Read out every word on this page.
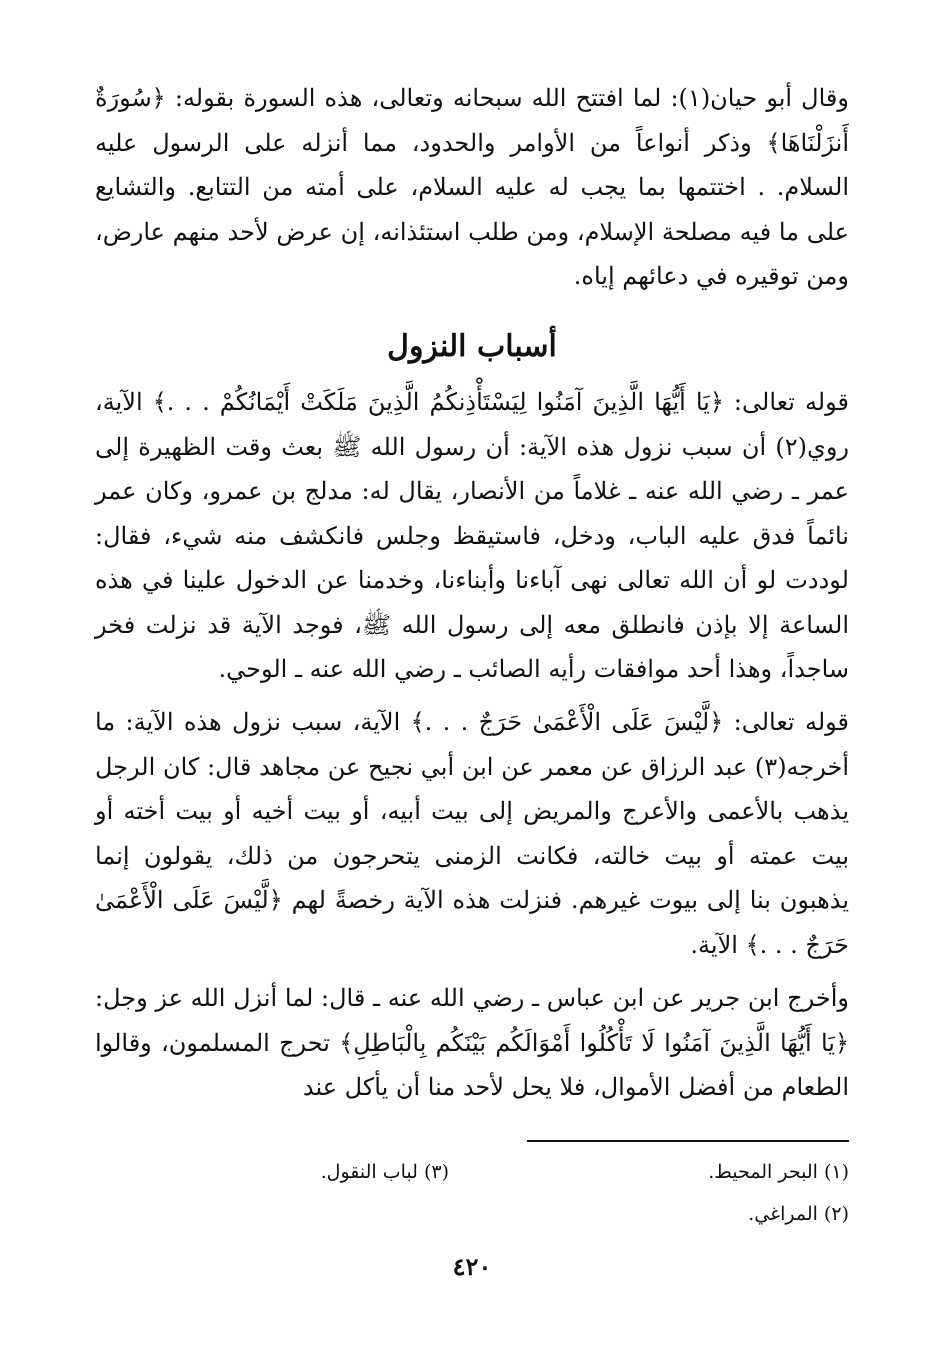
وقال أبو حيان(١): لما افتتح الله سبحانه وتعالى، هذه السورة بقوله: ﴿سُورَةٌ أَنزَلْنَاهَا﴾ وذكر أنواعاً من الأوامر والحدود، مما أنزله على الرسول عليه السلام. . اختتمها بما يجب له عليه السلام، على أمته من التتابع. والتشايع على ما فيه مصلحة الإسلام، ومن طلب استئذانه، إن عرض لأحد منهم عارض، ومن توقيره في دعائهم إياه.

أسباب النزول

قوله تعالى: ﴿يَا أَيُّهَا الَّذِينَ آمَنُوا لِيَسْتَأْذِنكُمُ الَّذِينَ مَلَكَتْ أَيْمَانُكُمْ . . .﴾ الآية، روي(٢) أن سبب نزول هذه الآية: أن رسول الله ﷺ بعث وقت الظهيرة إلى عمر ـ رضي الله عنه ـ غلاماً من الأنصار، يقال له: مدلج بن عمرو، وكان عمر نائماً فدق عليه الباب، ودخل، فاستيقظ وجلس فانكشف منه شيء، فقال: لوددت لو أن الله تعالى نهى آباءنا وأبناءنا، وخدمنا عن الدخول علينا في هذه الساعة إلا بإذن فانطلق معه إلى رسول الله ﷺ، فوجد الآية قد نزلت فخر ساجداً، وهذا أحد موافقات رأيه الصائب ـ رضي الله عنه ـ الوحي.

قوله تعالى: ﴿لَّيْسَ عَلَى الْأَعْمَىٰ حَرَجٌ . . .﴾ الآية، سبب نزول هذه الآية: ما أخرجه(٣) عبد الرزاق عن معمر عن ابن أبي نجيح عن مجاهد قال: كان الرجل يذهب بالأعمى والأعرج والمريض إلى بيت أبيه، أو بيت أخيه أو بيت أخته أو بيت عمته أو بيت خالته، فكانت الزمنى يتحرجون من ذلك، يقولون إنما يذهبون بنا إلى بيوت غيرهم. فنزلت هذه الآية رخصةً لهم ﴿لَّيْسَ عَلَى الْأَعْمَىٰ حَرَجٌ . . .﴾ الآية.

وأخرج ابن جرير عن ابن عباس ـ رضي الله عنه ـ قال: لما أنزل الله عز وجل: ﴿يَا أَيُّهَا الَّذِينَ آمَنُوا لَا تَأْكُلُوا أَمْوَالَكُم بَيْنَكُم بِالْبَاطِلِ﴾ تحرج المسلمون، وقالوا الطعام من أفضل الأموال، فلا يحل لأحد منا أن يأكل عند

(١) البحر المحيط.
(٣) لباب النقول.
(٢) المراغي.
٤٢٠
